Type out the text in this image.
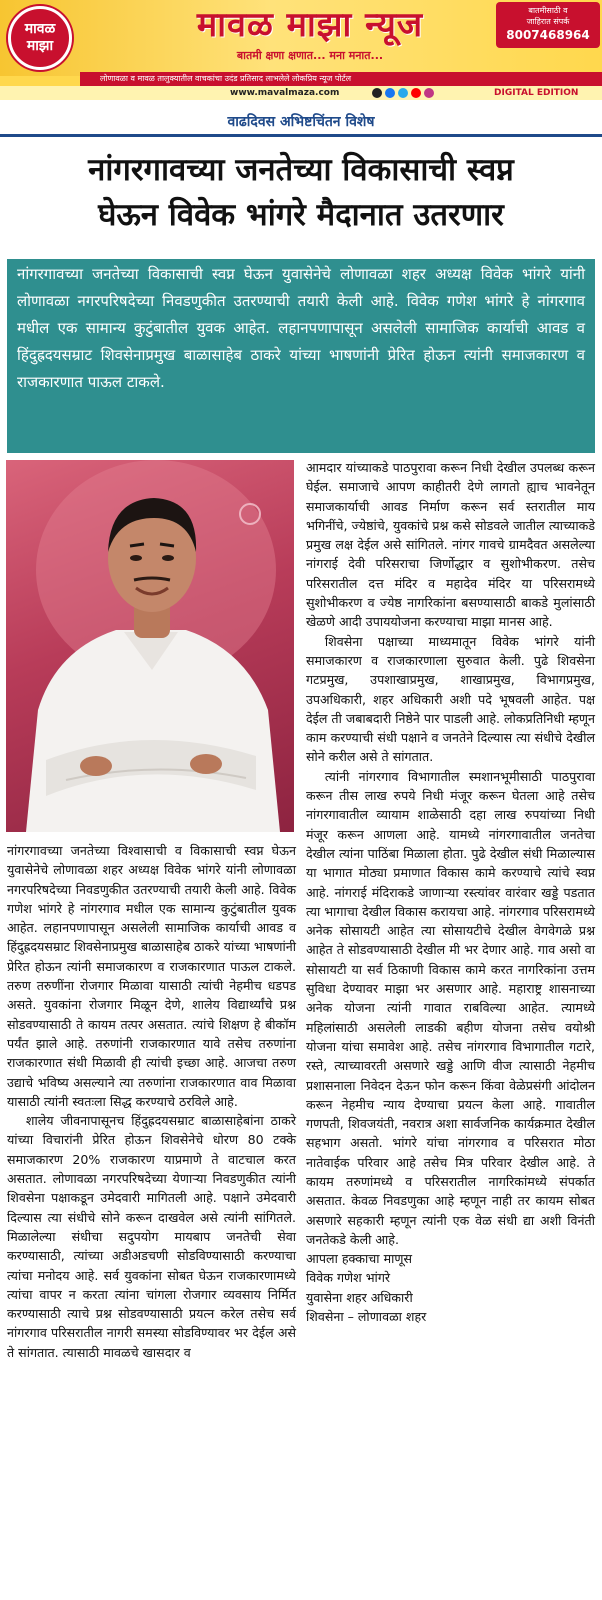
मावळ
माझा
मावळ माझा न्यूज
बातमी क्षणा क्षणात... मना मनात...
बातमीसाठी व
जाहिरात संपर्क
8007468964
लोणावळा व मावळ तालुक्यातील वाचकांचा उदंड प्रतिसाद लाभलेले लोकप्रिय न्यूज पोर्टल
www.mavalmaza.com	DIGITAL EDITION
वाढदिवस अभिष्टचिंतन विशेष
नांगरगावच्या जनतेच्या विकासाची स्वप्न
घेऊन विवेक भांगरे मैदानात उतरणार
नांगरगावच्या जनतेच्या विकासाची स्वप्न घेऊन युवासेनेचे लोणावळा शहर अध्यक्ष विवेक भांगरे यांनी लोणावळा नगरपरिषदेच्या निवडणुकीत उतरण्याची तयारी केली आहे. विवेक गणेश भांगरे हे नांगरगाव मधील एक सामान्य कुटुंबातील युवक आहेत. लहानपणापासून असलेली सामाजिक कार्याची आवड व हिंदुह्रदयसम्राट शिवसेनाप्रमुख बाळासाहेब ठाकरे यांच्या भाषणांनी प्रेरित होऊन त्यांनी समाजकारण व राजकारणात पाऊल टाकले.

नांगरगावच्या जनतेच्या विश्वासाची व विकासाची स्वप्न घेऊन युवासेनेचे लोणावळा शहर अध्यक्ष विवेक भांगरे यांनी लोणावळा नगरपरिषदेच्या निवडणुकीत उतरण्याची तयारी केली आहे. विवेक गणेश भांगरे हे नांगरगाव मधील एक सामान्य कुटुंबातील युवक आहेत. लहानपणापासून असलेली सामाजिक कार्याची आवड व हिंदुह्रदयसम्राट शिवसेनाप्रमुख बाळासाहेब ठाकरे यांच्या भाषणांनी प्रेरित होऊन त्यांनी समाजकारण व राजकारणात पाऊल टाकले. तरुण तरुणींना रोजगार मिळावा यासाठी त्यांची नेहमीच धडपड असते. युवकांना रोजगार मिळून देणे, शालेय विद्यार्थ्यांचे प्रश्न सोडवण्यासाठी ते कायम तत्पर असतात. त्यांचे शिक्षण हे बीकॉम पर्यंत झाले आहे. तरुणांनी राजकारणात यावे तसेच तरुणांना राजकारणात संधी मिळावी ही त्यांची इच्छा आहे. आजचा तरुण उद्याचे भविष्य असल्याने त्या तरुणांना राजकारणात वाव मिळावा यासाठी त्यांनी स्वतःला सिद्ध करण्याचे ठरविले आहे.

शालेय जीवनापासूनच हिंदुह्रदयसम्राट बाळासाहेबांना ठाकरे यांच्या विचारांनी प्रेरित होऊन शिवसेनेचे धोरण 80 टक्के समाजकारण 20% राजकारण याप्रमाणे ते वाटचाल करत असतात. लोणावळा नगरपरिषदेच्या येणाऱ्या निवडणुकीत त्यांनी शिवसेना पक्षाकडून उमेदवारी मागितली आहे. पक्षाने उमेदवारी दिल्यास त्या संधीचे सोने करून दाखवेल असे त्यांनी सांगितले. मिळालेल्या संधीचा सदुपयोग मायबाप जनतेची सेवा करण्यासाठी, त्यांच्या अडीअडचणी सोडविण्यासाठी करण्याचा त्यांचा मनोदय आहे. सर्व युवकांना सोबत घेऊन राजकारणामध्ये त्यांचा वापर न करता त्यांना चांगला रोजगार व्यवसाय निर्मित करण्यासाठी त्याचे प्रश्न सोडवण्यासाठी प्रयत्न करेल तसेच सर्व नांगरगाव परिसरातील नागरी समस्या सोडविण्यावर भर देईल असे ते सांगतात. त्यासाठी मावळचे खासदार व

आमदार यांच्याकडे पाठपुरावा करून निधी देखील उपलब्ध करून घेईल. समाजाचे आपण काहीतरी देणे लागतो ह्याच भावनेतून समाजकार्याची आवड निर्माण करून सर्व स्तरातील माय भगिनींचे, ज्येष्ठांचे, युवकांचे प्रश्न कसे सोडवले जातील त्याच्याकडे प्रमुख लक्ष देईल असे सांगितले. नांगर गावचे ग्रामदैवत असलेल्या नांगराई देवी परिसराचा जिर्णोद्धार व सुशोभीकरण. तसेच परिसरातील दत्त मंदिर व महादेव मंदिर या परिसरामध्ये सुशोभीकरण व ज्येष्ठ नागरिकांना बसण्यासाठी बाकडे मुलांसाठी खेळणे आदी उपाययोजना करण्याचा माझा मानस आहे.

शिवसेना पक्षाच्या माध्यमातून विवेक भांगरे यांनी समाजकारण व राजकारणाला सुरुवात केली. पुढे शिवसेना गटप्रमुख, उपशाखाप्रमुख, शाखाप्रमुख, विभागप्रमुख, उपअधिकारी, शहर अधिकारी अशी पदे भूषवली आहेत. पक्ष देईल ती जबाबदारी निष्ठेने पार पाडली आहे. लोकप्रतिनिधी म्हणून काम करण्याची संधी पक्षाने व जनतेने दिल्यास त्या संधीचे देखील सोने करील असे ते सांगतात.

त्यांनी नांगरगाव विभागातील स्मशानभूमीसाठी पाठपुरावा करून तीस लाख रुपये निधी मंजूर करून घेतला आहे तसेच नांगरगावातील व्यायाम शाळेसाठी दहा लाख रुपयांच्या निधी मंजूर करून आणला आहे. यामध्ये नांगरगावातील जनतेचा देखील त्यांना पाठिंबा मिळाला होता. पुढे देखील संधी मिळाल्यास या भागात मोठ्या प्रमाणात विकास कामे करण्याचे त्यांचे स्वप्न आहे. नांगराई मंदिराकडे जाणाऱ्या रस्त्यांवर वारंवार खड्डे पडतात त्या भागाचा देखील विकास करायचा आहे. नांगरगाव परिसरामध्ये अनेक सोसायटी आहेत त्या सोसायटीचे देखील वेगवेगळे प्रश्न आहेत ते सोडवण्यासाठी देखील मी भर देणार आहे. गाव असो वा सोसायटी या सर्व ठिकाणी विकास कामे करत नागरिकांना उत्तम सुविधा देण्यावर माझा भर असणार आहे. महाराष्ट्र शासनाच्या अनेक योजना त्यांनी गावात राबविल्या आहेत. त्यामध्ये महिलांसाठी असलेली लाडकी बहीण योजना तसेच वयोश्री योजना यांचा समावेश आहे. तसेच नांगरगाव विभागातील गटारे, रस्ते, त्याच्यावरती असणारे खड्डे आणि वीज त्यासाठी नेहमीच प्रशासनाला निवेदन देऊन फोन करून किंवा वेळेप्रसंगी आंदोलन करून नेहमीच न्याय देण्याचा प्रयत्न केला आहे. गावातील गणपती, शिवजयंती, नवरात्र अशा सार्वजनिक कार्यक्रमात देखील सहभाग असतो. भांगरे यांचा नांगरगाव व परिसरात मोठा नातेवाईक परिवार आहे तसेच मित्र परिवार देखील आहे. ते कायम तरुणांमध्ये व परिसरातील नागरिकांमध्ये संपर्कात असतात. केवळ निवडणुका आहे म्हणून नाही तर कायम सोबत असणारे सहकारी म्हणून त्यांनी एक वेळ संधी द्या अशी विनंती जनतेकडे केली आहे.

आपला हक्काचा माणूस
विवेक गणेश भांगरे
युवासेना शहर अधिकारी
शिवसेना – लोणावळा शहर
